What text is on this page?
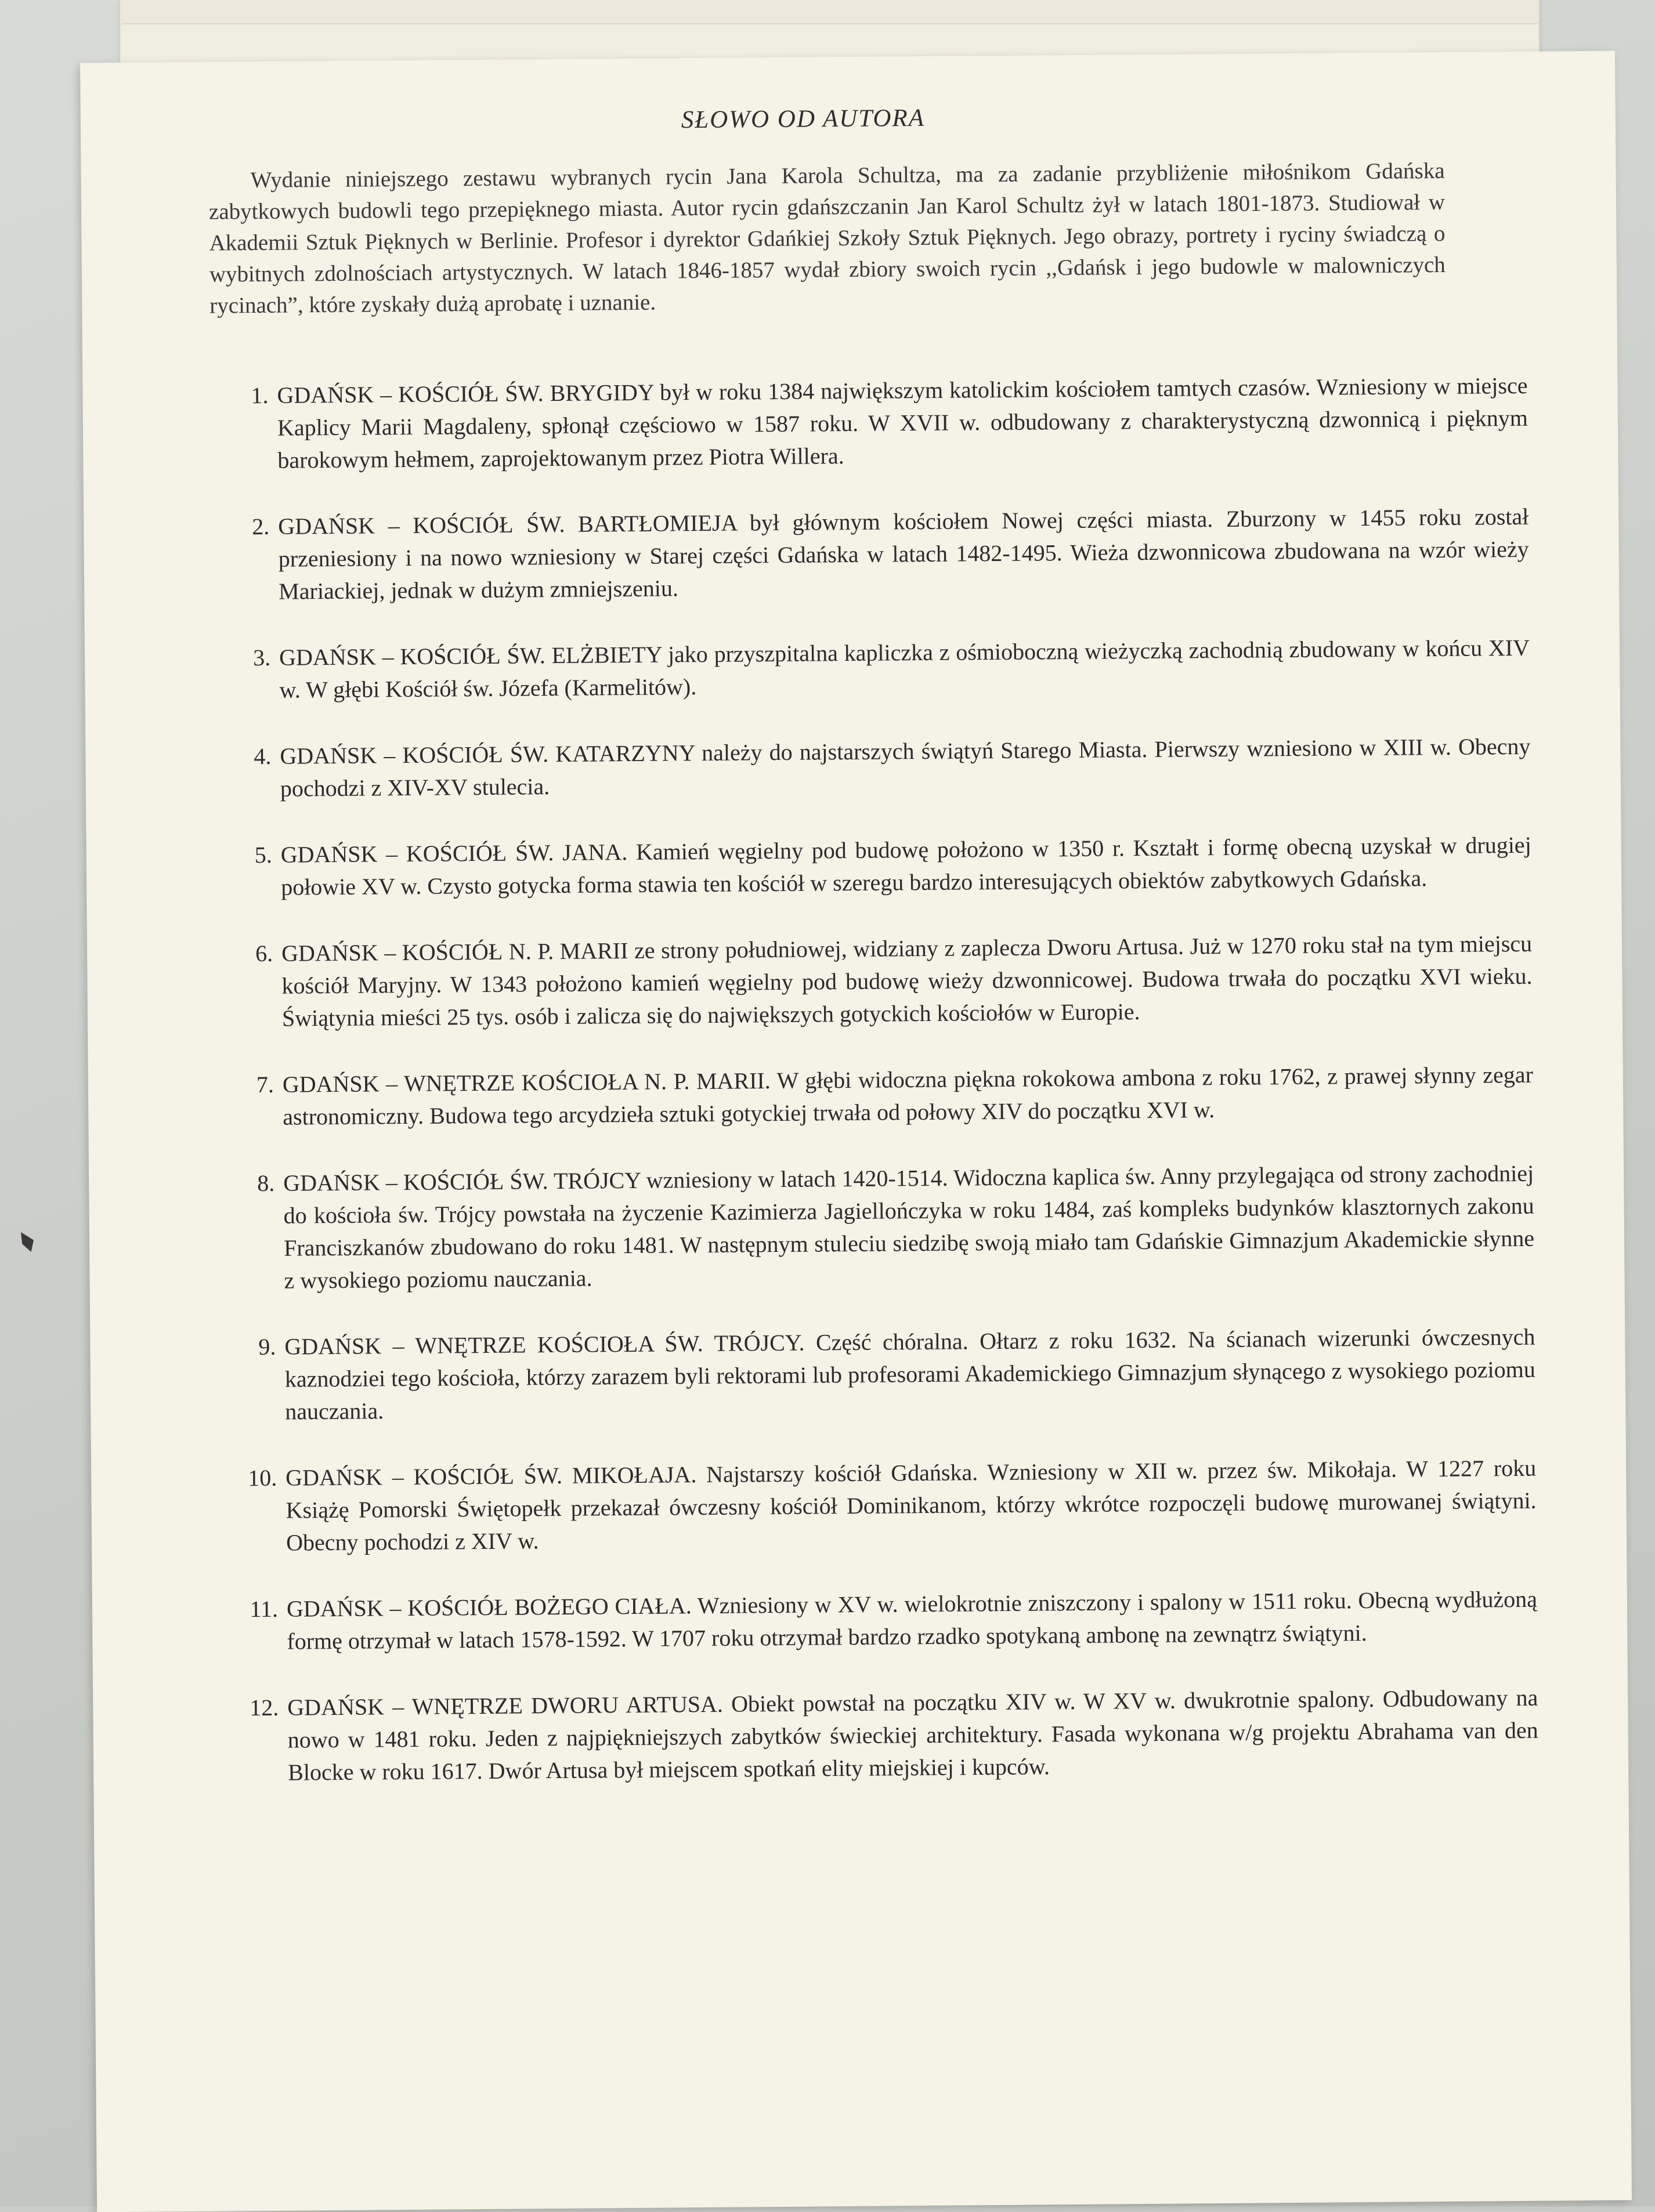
SŁOWO OD AUTORA
Wydanie niniejszego zestawu wybranych rycin Jana Karola Schultza, ma za zadanie przybliżenie miłośnikom Gdańska zabytkowych budowli tego przepięknego miasta. Autor rycin gdańszczanin Jan Karol Schultz żył w latach 1801-1873. Studiował w Akademii Sztuk Pięknych w Berlinie. Profesor i dyrektor Gdańkiej Szkoły Sztuk Pięknych. Jego obrazy, portrety i ryciny świadczą o wybitnych zdolnościach artystycznych. W latach 1846-1857 wydał zbiory swoich rycin ,,Gdańsk i jego budowle w malowniczych rycinach”, które zyskały dużą aprobatę i uznanie.
1. GDAŃSK – KOŚCIÓŁ ŚW. BRYGIDY był w roku 1384 największym katolickim kościołem tamtych czasów. Wzniesiony w miejsce Kaplicy Marii Magdaleny, spłonął częściowo w 1587 roku. W XVII w. odbudowany z charakterystyczną dzwonnicą i pięknym barokowym hełmem, zaprojektowanym przez Piotra Willera.
2. GDAŃSK – KOŚCIÓŁ ŚW. BARTŁOMIEJA był głównym kościołem Nowej części miasta. Zburzony w 1455 roku został przeniesiony i na nowo wzniesiony w Starej części Gdańska w latach 1482-1495. Wieża dzwonnicowa zbudowana na wzór wieży Mariackiej, jednak w dużym zmniejszeniu.
3. GDAŃSK – KOŚCIÓŁ ŚW. ELŻBIETY jako przyszpitalna kapliczka z ośmioboczną wieżyczką zachodnią zbudowany w końcu XIV w. W głębi Kościół św. Józefa (Karmelitów).
4. GDAŃSK – KOŚCIÓŁ ŚW. KATARZYNY należy do najstarszych świątyń Starego Miasta. Pierwszy wzniesiono w XIII w. Obecny pochodzi z XIV-XV stulecia.
5. GDAŃSK – KOŚCIÓŁ ŚW. JANA. Kamień węgielny pod budowę położono w 1350 r. Kształt i formę obecną uzyskał w drugiej połowie XV w. Czysto gotycka forma stawia ten kościół w szeregu bardzo interesujących obiektów zabytkowych Gdańska.
6. GDAŃSK – KOŚCIÓŁ N. P. MARII ze strony południowej, widziany z zaplecza Dworu Artusa. Już w 1270 roku stał na tym miejscu kościół Maryjny. W 1343 położono kamień węgielny pod budowę wieży dzwonnicowej. Budowa trwała do początku XVI wieku. Świątynia mieści 25 tys. osób i zalicza się do największych gotyckich kościołów w Europie.
7. GDAŃSK – WNĘTRZE KOŚCIOŁA N. P. MARII. W głębi widoczna piękna rokokowa ambona z roku 1762, z prawej słynny zegar astronomiczny. Budowa tego arcydzieła sztuki gotyckiej trwała od połowy XIV do początku XVI w.
8. GDAŃSK – KOŚCIÓŁ ŚW. TRÓJCY wzniesiony w latach 1420-1514. Widoczna kaplica św. Anny przylegająca od strony zachodniej do kościoła św. Trójcy powstała na życzenie Kazimierza Jagiellończyka w roku 1484, zaś kompleks budynków klasztornych zakonu Franciszkanów zbudowano do roku 1481. W następnym stuleciu siedzibę swoją miało tam Gdańskie Gimnazjum Akademickie słynne z wysokiego poziomu nauczania.
9. GDAŃSK – WNĘTRZE KOŚCIOŁA ŚW. TRÓJCY. Część chóralna. Ołtarz z roku 1632. Na ścianach wizerunki ówczesnych kaznodziei tego kościoła, którzy zarazem byli rektorami lub profesorami Akademickiego Gimnazjum słynącego z wysokiego poziomu nauczania.
10. GDAŃSK – KOŚCIÓŁ ŚW. MIKOŁAJA. Najstarszy kościół Gdańska. Wzniesiony w XII w. przez św. Mikołaja. W 1227 roku Książę Pomorski Świętopełk przekazał ówczesny kościół Dominikanom, którzy wkrótce rozpoczęli budowę murowanej świątyni. Obecny pochodzi z XIV w.
11. GDAŃSK – KOŚCIÓŁ BOŻEGO CIAŁA. Wzniesiony w XV w. wielokrotnie zniszczony i spalony w 1511 roku. Obecną wydłużoną formę otrzymał w latach 1578-1592. W 1707 roku otrzymał bardzo rzadko spotykaną ambonę na zewnątrz świątyni.
12. GDAŃSK – WNĘTRZE DWORU ARTUSA. Obiekt powstał na początku XIV w. W XV w. dwukrotnie spalony. Odbudowany na nowo w 1481 roku. Jeden z najpiękniejszych zabytków świeckiej architektury. Fasada wykonana w/g projektu Abrahama van den Blocke w roku 1617. Dwór Artusa był miejscem spotkań elity miejskiej i kupców.
